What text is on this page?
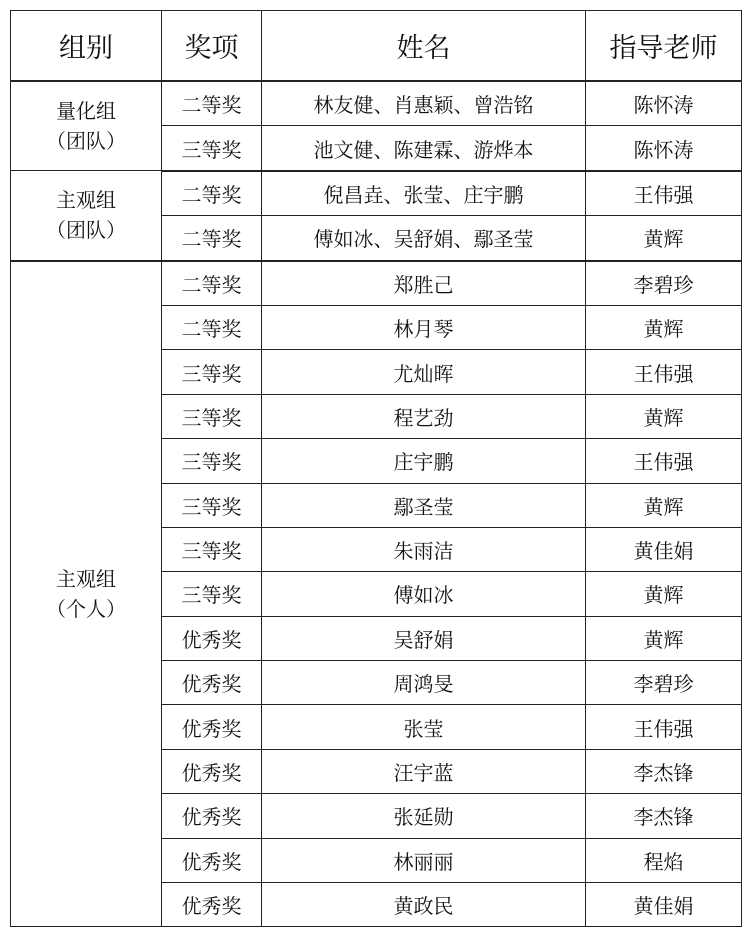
组别	奖项	姓名	指导老师

量化组
（团队）	二等奖	林友健、肖惠颖、曾浩铭	陈怀涛
	三等奖	池文健、陈建霖、游烨本	陈怀涛

主观组
（团队）	二等奖	倪昌垚、张莹、庄宇鹏	王伟强
	二等奖	傅如冰、吴舒娟、鄢圣莹	黄辉

主观组
（个人）	二等奖	郑胜己	李碧珍
	二等奖	林月琴	黄辉
	三等奖	尤灿晖	王伟强
	三等奖	程艺劲	黄辉
	三等奖	庄宇鹏	王伟强
	三等奖	鄢圣莹	黄辉
	三等奖	朱雨洁	黄佳娟
	三等奖	傅如冰	黄辉
	优秀奖	吴舒娟	黄辉
	优秀奖	周鸿旻	李碧珍
	优秀奖	张莹	王伟强
	优秀奖	汪宇蓝	李杰锋
	优秀奖	张延勋	李杰锋
	优秀奖	林丽丽	程焰
	优秀奖	黄政民	黄佳娟
